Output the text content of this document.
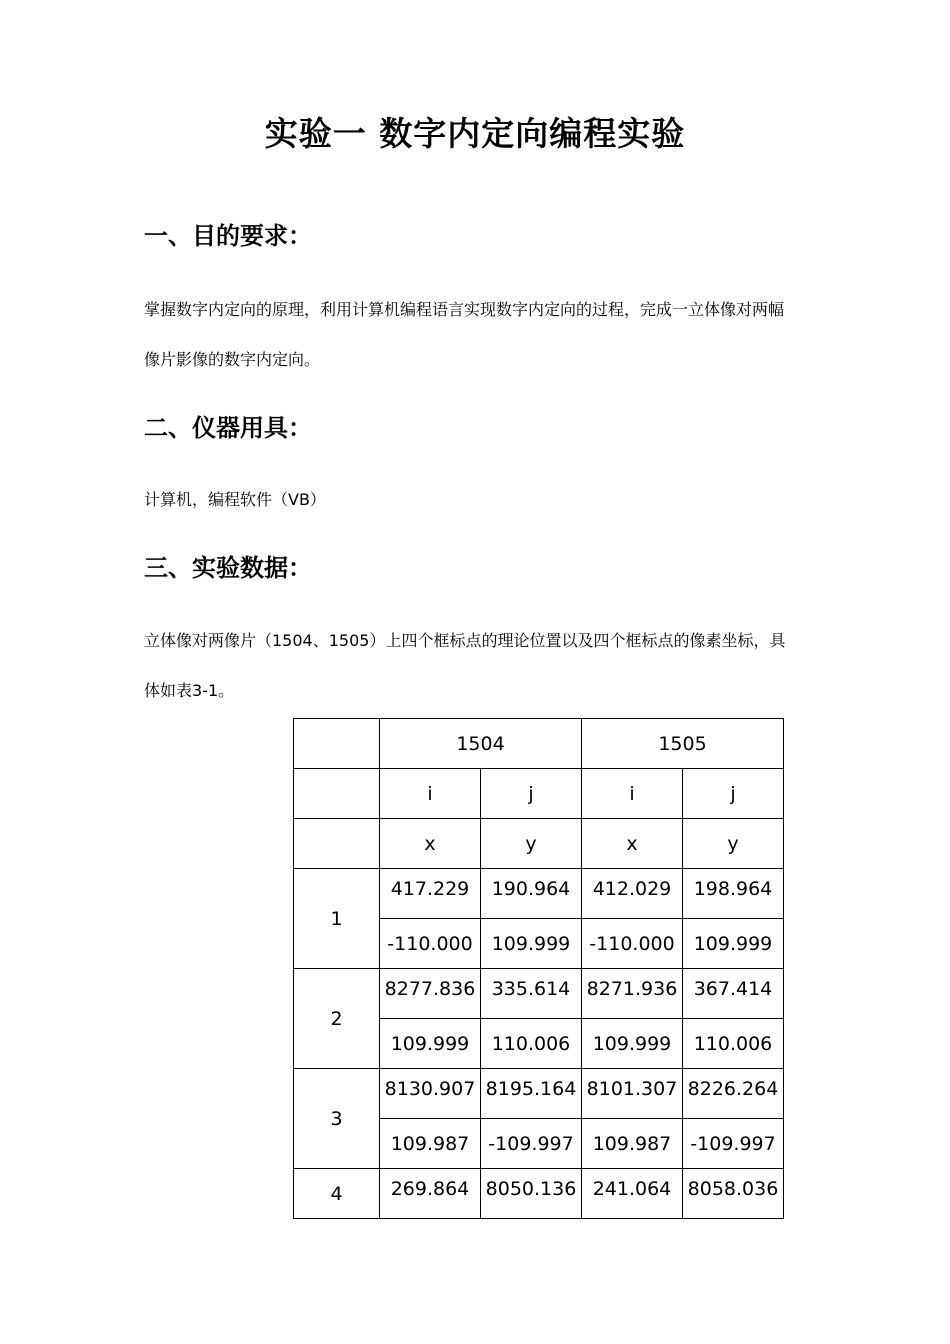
实验一 数字内定向编程实验
一、目的要求：
掌握数字内定向的原理，利用计算机编程语言实现数字内定向的过程，完成一立体像对两幅
像片影像的数字内定向。
二、仪器用具：
计算机，编程软件（VB）
三、实验数据：
立体像对两像片（1504、1505）上四个框标点的理论位置以及四个框标点的像素坐标，具
体如表3-1。
	1504		1505	
	i	j	i	j
	x	y	x	y
1	417.229	190.964	412.029	198.964
	-110.000	109.999	-110.000	109.999
2	8277.836	335.614	8271.936	367.414
	109.999	110.006	109.999	110.006
3	8130.907	8195.164	8101.307	8226.264
	109.987	-109.997	109.987	-109.997
4	269.864	8050.136	241.064	8058.036
